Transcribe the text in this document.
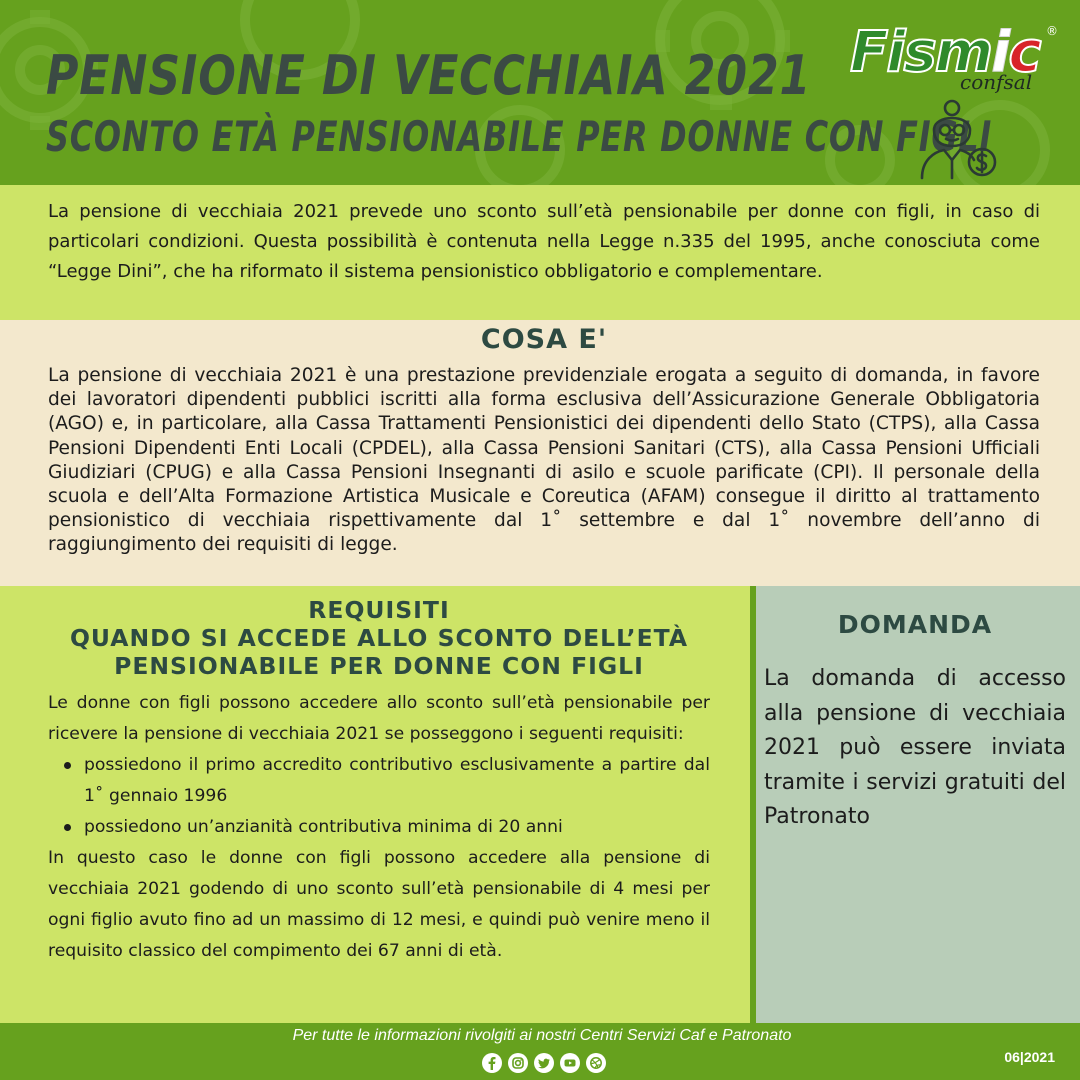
PENSIONE DI VECCHIAIA 2021
SCONTO ETÀ PENSIONABILE PER DONNE CON FIGLI
Fismic
confsal
®

La pensione di vecchiaia 2021 prevede uno sconto sull’età pensionabile per donne con figli, in caso di particolari condizioni. Questa possibilità è contenuta nella Legge n.335 del 1995, anche conosciuta come “Legge Dini”, che ha riformato il sistema pensionistico obbligatorio e complementare.

COSA E'

La pensione di vecchiaia 2021 è una prestazione previdenziale erogata a seguito di domanda, in favore dei lavoratori dipendenti pubblici iscritti alla forma esclusiva dell’Assicurazione Generale Obbligatoria (AGO) e, in particolare, alla Cassa Trattamenti Pensionistici dei dipendenti dello Stato (CTPS), alla Cassa Pensioni Dipendenti Enti Locali (CPDEL), alla Cassa Pensioni Sanitari (CTS), alla Cassa Pensioni Ufficiali Giudiziari (CPUG) e alla Cassa Pensioni Insegnanti di asilo e scuole parificate (CPI). Il personale della scuola e dell’Alta Formazione Artistica Musicale e Coreutica (AFAM) consegue il diritto al trattamento pensionistico di vecchiaia rispettivamente dal 1˚ settembre e dal 1˚ novembre dell’anno di raggiungimento dei requisiti di legge.

REQUISITI
QUANDO SI ACCEDE ALLO SCONTO DELL’ETÀ
PENSIONABILE PER DONNE CON FIGLI

Le donne con figli possono accedere allo sconto sull’età pensionabile per ricevere la pensione di vecchiaia 2021 se posseggono i seguenti requisiti:

possiedono il primo accredito contributivo esclusivamente a partire dal 1˚ gennaio 1996
possiedono un’anzianità contributiva minima di 20 anni

In questo caso le donne con figli possono accedere alla pensione di vecchiaia 2021 godendo di uno sconto sull’età pensionabile di 4 mesi per ogni figlio avuto fino ad un massimo di 12 mesi, e quindi può venire meno il requisito classico del compimento dei 67 anni di età.

DOMANDA

La domanda di accesso alla pensione di vecchiaia 2021 può essere inviata tramite i servizi gratuiti del Patronato

Per tutte le informazioni rivolgiti ai nostri Centri Servizi Caf e Patronato
06|2021
